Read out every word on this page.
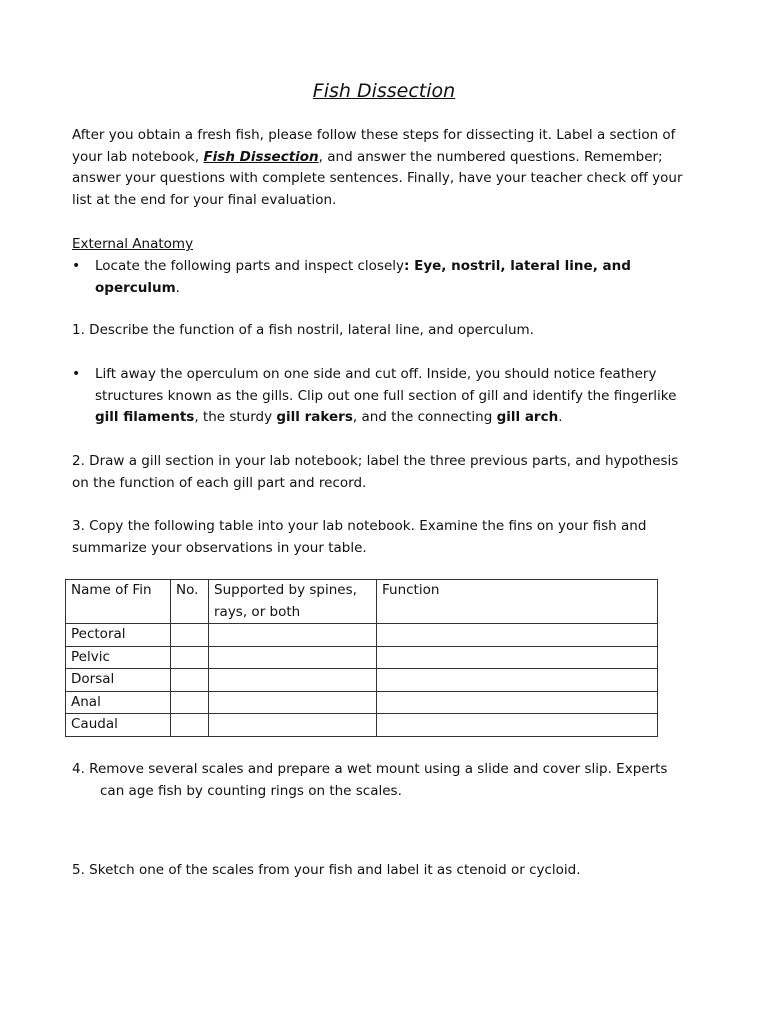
Fish Dissection
After you obtain a fresh fish, please follow these steps for dissecting it. Label a section of your lab notebook, Fish Dissection, and answer the numbered questions. Remember; answer your questions with complete sentences. Finally, have your teacher check off your list at the end for your final evaluation.
External Anatomy
• Locate the following parts and inspect closely: Eye, nostril, lateral line, and operculum.
1. Describe the function of a fish nostril, lateral line, and operculum.
• Lift away the operculum on one side and cut off. Inside, you should notice feathery structures known as the gills. Clip out one full section of gill and identify the fingerlike gill filaments, the sturdy gill rakers, and the connecting gill arch.
2. Draw a gill section in your lab notebook; label the three previous parts, and hypothesis on the function of each gill part and record.
3. Copy the following table into your lab notebook. Examine the fins on your fish and summarize your observations in your table.
Name of Fin	No.	Supported by spines, rays, or both	Function
Pectoral			
Pelvic			
Dorsal			
Anal			
Caudal			
4. Remove several scales and prepare a wet mount using a slide and cover slip. Experts
can age fish by counting rings on the scales.
5. Sketch one of the scales from your fish and label it as ctenoid or cycloid.
